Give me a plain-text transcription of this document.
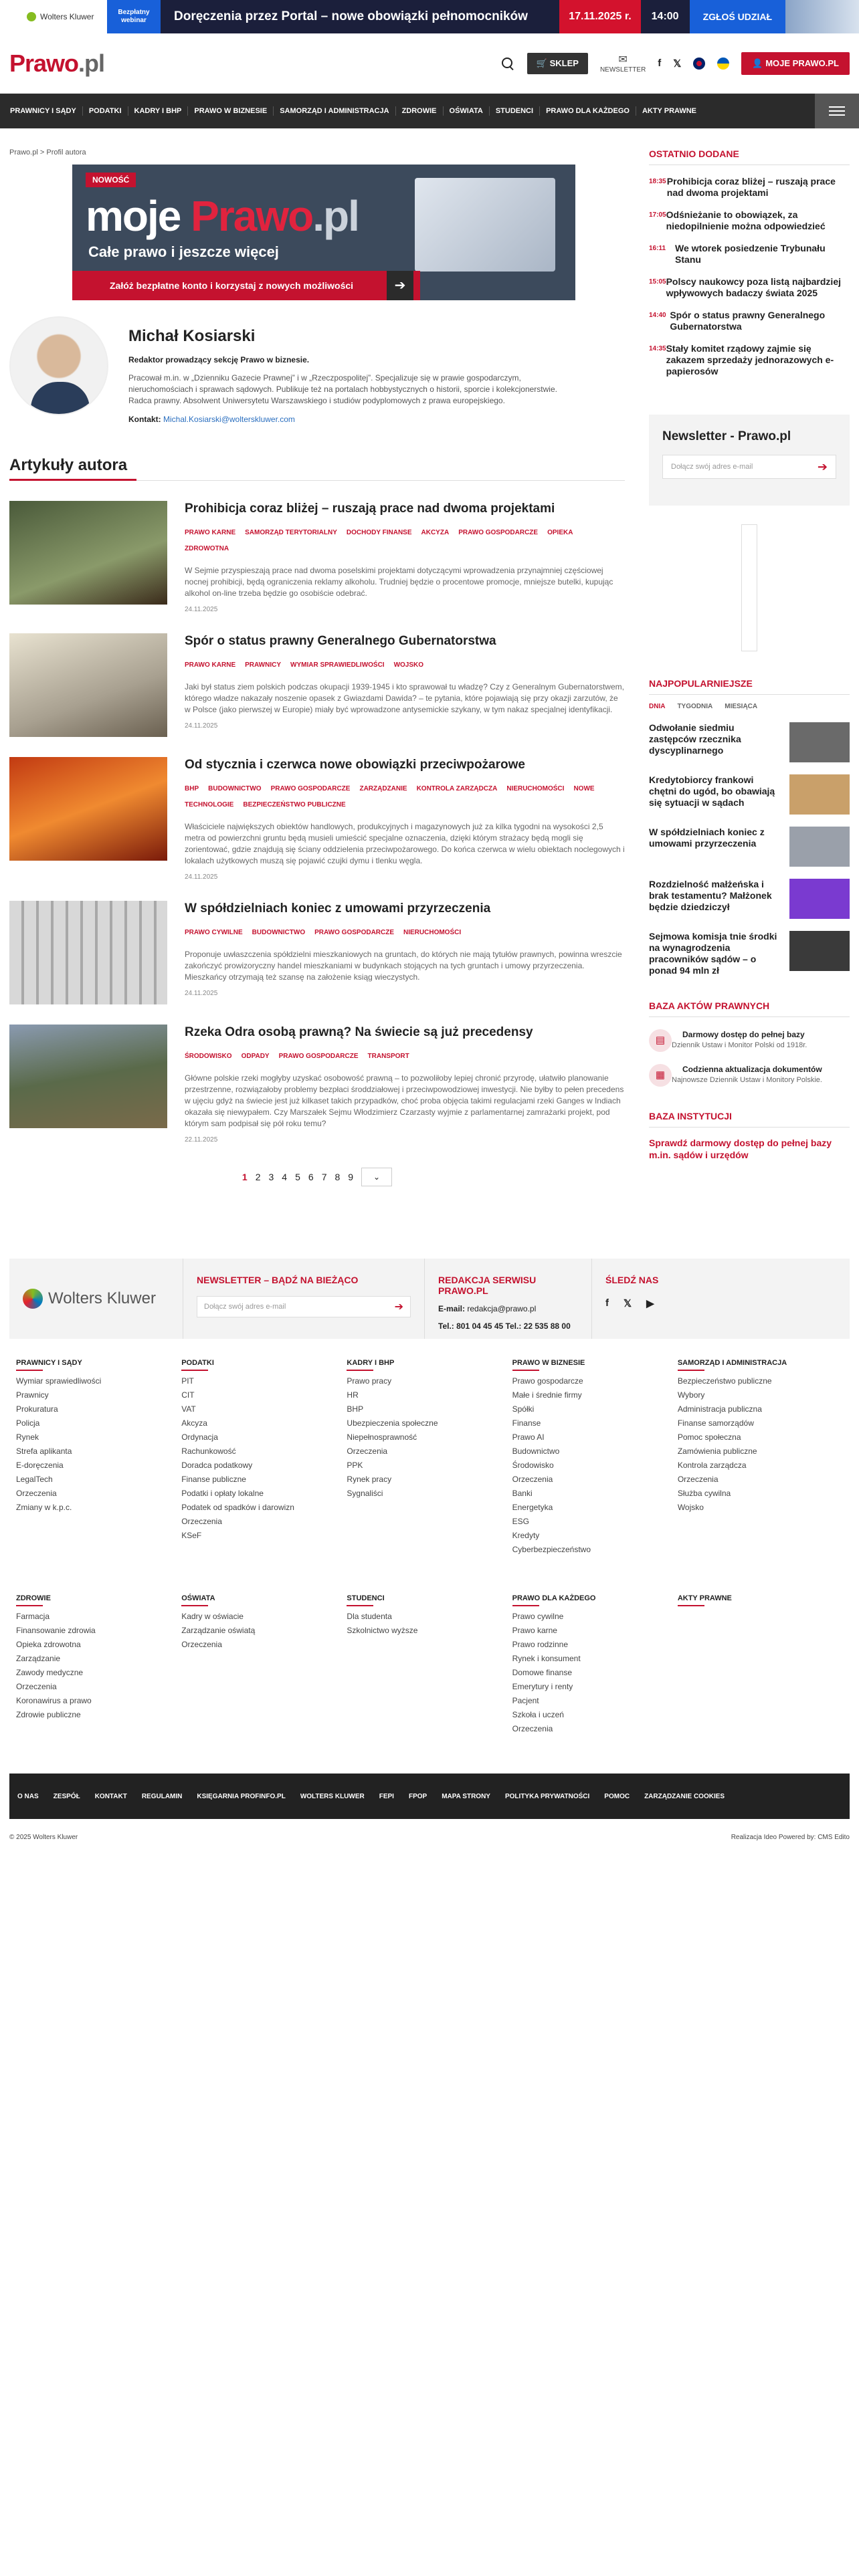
Wolters Kluwer	Bezpłatny webinar	Doręczenia przez Portal – nowe obowiązki pełnomocników	17.11.2025 r.	14:00	ZGŁOŚ UDZIAŁ
Prawo.pl	🛒 SKLEP	✉
NEWSLETTER
f 𝕏	👤 MOJE PRAWO.PL
PRAWNICY I SĄDY	PODATKI	KADRY I BHP	PRAWO W BIZNESIE	SAMORZĄD I ADMINISTRACJA	ZDROWIE	OŚWIATA	STUDENCI	PRAWO DLA KAŻDEGO	AKTY PRAWNE
Prawo.pl > Profil autora
NOWOŚĆ
moje Prawo.pl
Całe prawo i jeszcze więcej
Załóż bezpłatne konto i korzystaj z nowych możliwości	➔
Michał Kosiarski
Redaktor prowadzący sekcję Prawo w biznesie.
Pracował m.in. w „Dzienniku Gazecie Prawnej” i w „Rzeczpospolitej”. Specjalizuje się w prawie gospodarczym, nieruchomościach i sprawach sądowych. Publikuje też na portalach hobbystycznych o historii, sporcie i kolekcjonerstwie. Radca prawny. Absolwent Uniwersytetu Warszawskiego i studiów podyplomowych z prawa europejskiego.
Kontakt: Michal.Kosiarski@wolterskluwer.com
Artykuły autora
Prohibicja coraz bliżej – ruszają prace nad dwoma projektami
PRAWO KARNE SAMORZĄD TERYTORIALNY DOCHODY FINANSE AKCYZA PRAWO GOSPODARCZE OPIEKA ZDROWOTNA
W Sejmie przyspieszają prace nad dwoma poselskimi projektami dotyczącymi wprowadzenia przynajmniej częściowej nocnej prohibicji, będą ograniczenia reklamy alkoholu. Trudniej będzie o procentowe promocje, mniejsze butelki, kupując alkohol on-line trzeba będzie go osobiście odebrać.
24.11.2025
Spór o status prawny Generalnego Gubernatorstwa
PRAWO KARNE PRAWNICY WYMIAR SPRAWIEDLIWOŚCI WOJSKO
Jaki był status ziem polskich podczas okupacji 1939-1945 i kto sprawował tu władzę? Czy z Generalnym Gubernatorstwem, którego władze nakazały noszenie opasek z Gwiazdami Dawida? – te pytania, które pojawiają się przy okazji zarzutów, że w Polsce (jako pierwszej w Europie) miały być wprowadzone antysemickie szykany, w tym nakaz specjalnej identyfikacji.
24.11.2025
Od stycznia i czerwca nowe obowiązki przeciwpożarowe
BHP BUDOWNICTWO PRAWO GOSPODARCZE ZARZĄDZANIE KONTROLA ZARZĄDCZA NIERUCHOMOŚCI NOWE TECHNOLOGIE BEZPIECZEŃSTWO PUBLICZNE
Właściciele największych obiektów handlowych, produkcyjnych i magazynowych już za kilka tygodni na wysokości 2,5 metra od powierzchni gruntu będą musieli umieścić specjalne oznaczenia, dzięki którym strażacy będą mogli się zorientować, gdzie znajdują się ściany oddzielenia przeciwpożarowego. Do końca czerwca w wielu obiektach noclegowych i lokalach użytkowych muszą się pojawić czujki dymu i tlenku węgla.
24.11.2025
W spółdzielniach koniec z umowami przyrzeczenia
PRAWO CYWILNE BUDOWNICTWO PRAWO GOSPODARCZE NIERUCHOMOŚCI
Proponuje uwłaszczenia spółdzielni mieszkaniowych na gruntach, do których nie mają tytułów prawnych, powinna wreszcie zakończyć prowizoryczny handel mieszkaniami w budynkach stojących na tych gruntach i umowy przyrzeczenia. Mieszkańcy otrzymają też szansę na założenie ksiąg wieczystych.
24.11.2025
Rzeka Odra osobą prawną? Na świecie są już precedensy
ŚRODOWISKO ODPADY PRAWO GOSPODARCZE TRANSPORT
Główne polskie rzeki mogłyby uzyskać osobowość prawną – to pozwoliłoby lepiej chronić przyrodę, ułatwiło planowanie przestrzenne, rozwiązałoby problemy bezpłaci środdziałowej i przeciwpowodziowej inwestycji. Nie byłby to pełen precedens w ujęciu gdyż na świecie jest już kilkaset takich przypadków, choć proba objęcia takimi regulacjami rzeki Ganges w Indiach okazała się niewypałem. Czy Marszałek Sejmu Włodzimierz Czarzasty wyjmie z parlamentarnej zamrażarki projekt, pod którym sam podpisał się pół roku temu?
22.11.2025
1 2 3 4 5 6 7 8 9	⌄
OSTATNIO DODANE
18:35 Prohibicja coraz bliżej – ruszają prace nad dwoma projektami
17:05 Odśnieżanie to obowiązek, za niedopilnienie można odpowiedzieć
16:11	We wtorek posiedzenie Trybunału Stanu
15:05 Polscy naukowcy poza listą najbardziej wpływowych badaczy świata 2025
14:40 Spór o status prawny Generalnego Gubernatorstwa
14:35 Stały komitet rządowy zajmie się zakazem sprzedaży jednorazowych e-papierosów
Newsletter - Prawo.pl
Dołącz swój adres e-mail	➔
NAJPOPULARNIEJSZE
DNIA TYGODNIA MIESIĄCA
Odwołanie siedmiu zastępców rzecznika dyscyplinarnego
Kredytobiorcy frankowi chętni do ugód, bo obawiają się sytuacji w sądach
W spółdzielniach koniec z umowami przyrzeczenia
Rozdzielność małżeńska i brak testamentu? Małżonek będzie dziedziczył
Sejmowa komisja tnie środki na wynagrodzenia pracowników sądów – o ponad 94 mln zł
BAZA AKTÓW PRAWNYCH
▤	Darmowy dostęp do pełnej bazy
Dziennik Ustaw i Monitor Polski od 1918r.
▦	Codzienna aktualizacja dokumentów
Najnowsze Dziennik Ustaw i Monitory Polskie.
BAZA INSTYTUCJI
Sprawdź darmowy dostęp do pełnej bazy m.in. sądów i urzędów
Wolters Kluwer
NEWSLETTER – BĄDŹ NA BIEŻĄCO
Dołącz swój adres e-mail	➔
REDAKCJA SERWISU PRAWO.PL
E-mail: redakcja@prawo.pl
Tel.: 801 04 45 45 Tel.: 22 535 88 00
ŚLEDŹ NAS
f 𝕏 ▶
PRAWNICY I SĄDY
Wymiar sprawiedliwości
Prawnicy
Prokuratura
Policja
Rynek
Strefa aplikanta
E-doręczenia
LegalTech
Orzeczenia
Zmiany w k.p.c.
PODATKI
PIT
CIT
VAT
Akcyza
Ordynacja
Rachunkowość
Doradca podatkowy
Finanse publiczne
Podatki i opłaty lokalne
Podatek od spadków i darowizn
Orzeczenia
KSeF
KADRY I BHP
Prawo pracy
HR
BHP
Ubezpieczenia społeczne
Niepełnosprawność
Orzeczenia
PPK
Rynek pracy
Sygnaliści
PRAWO W BIZNESIE
Prawo gospodarcze
Małe i średnie firmy
Spółki
Finanse
Prawo AI
Budownictwo
Środowisko
Orzeczenia
Banki
Energetyka
ESG
Kredyty
Cyberbezpieczeństwo
SAMORZĄD I ADMINISTRACJA
Bezpieczeństwo publiczne
Wybory
Administracja publiczna
Finanse samorządów
Pomoc społeczna
Zamówienia publiczne
Kontrola zarządcza
Orzeczenia
Służba cywilna
Wojsko
ZDROWIE
Farmacja
Finansowanie zdrowia
Opieka zdrowotna
Zarządzanie
Zawody medyczne
Orzeczenia
Koronawirus a prawo
Zdrowie publiczne
OŚWIATA
Kadry w oświacie
Zarządzanie oświatą
Orzeczenia
STUDENCI
Dla studenta
Szkolnictwo wyższe
PRAWO DLA KAŻDEGO
Prawo cywilne
Prawo karne
Prawo rodzinne
Rynek i konsument
Domowe finanse
Emerytury i renty
Pacjent
Szkoła i uczeń
Orzeczenia
AKTY PRAWNE
O NAS ZESPÓŁ KONTAKT REGULAMIN KSIĘGARNIA PROFINFO.PL WOLTERS KLUWER FEPI FPOP MAPA STRONY POLITYKA PRYWATNOŚCI POMOC ZARZĄDZANIE COOKIES
© 2025 Wolters Kluwer	Realizacja Ideo Powered by: CMS Edito
